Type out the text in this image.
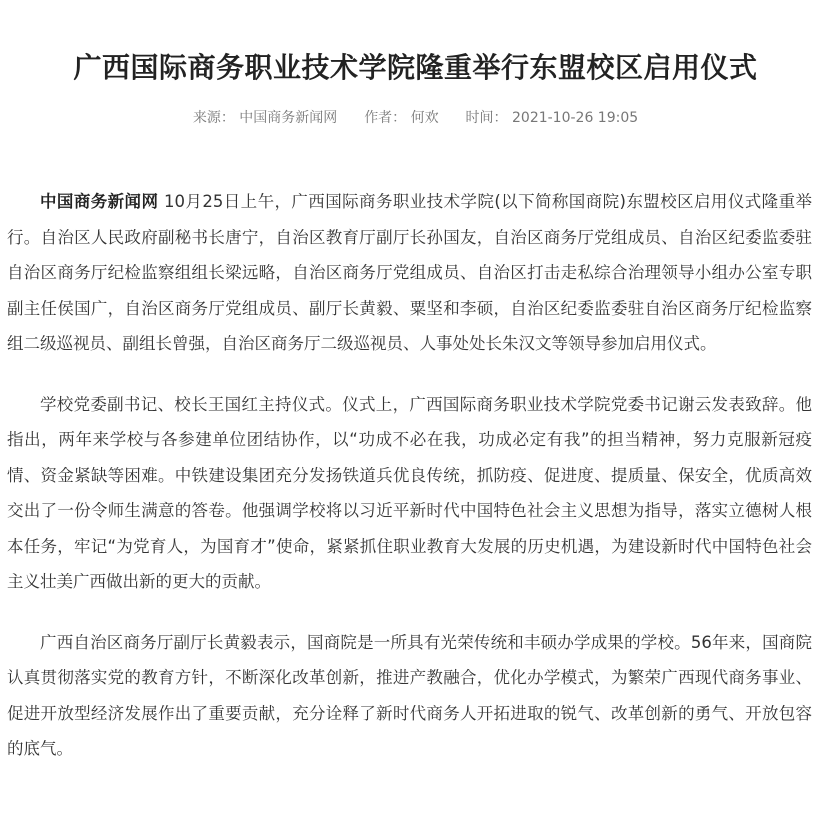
广西国际商务职业技术学院隆重举行东盟校区启用仪式
来源： 中国商务新闻网 作者： 何欢 时间： 2021-10-26 19:05

中国商务新闻网 10月25日上午，广西国际商务职业技术学院(以下简称国商院)东盟校区启用仪式隆重举行。自治区人民政府副秘书长唐宁，自治区教育厅副厅长孙国友，自治区商务厅党组成员、自治区纪委监委驻自治区商务厅纪检监察组组长梁远略，自治区商务厅党组成员、自治区打击走私综合治理领导小组办公室专职副主任侯国广，自治区商务厅党组成员、副厅长黄毅、粟坚和李硕，自治区纪委监委驻自治区商务厅纪检监察组二级巡视员、副组长曾强，自治区商务厅二级巡视员、人事处处长朱汉文等领导参加启用仪式。

学校党委副书记、校长王国红主持仪式。仪式上，广西国际商务职业技术学院党委书记谢云发表致辞。他指出，两年来学校与各参建单位团结协作，以“功成不必在我，功成必定有我”的担当精神，努力克服新冠疫情、资金紧缺等困难。中铁建设集团充分发扬铁道兵优良传统，抓防疫、促进度、提质量、保安全，优质高效交出了一份令师生满意的答卷。他强调学校将以习近平新时代中国特色社会主义思想为指导，落实立德树人根本任务，牢记“为党育人，为国育才”使命，紧紧抓住职业教育大发展的历史机遇，为建设新时代中国特色社会主义壮美广西做出新的更大的贡献。

广西自治区商务厅副厅长黄毅表示，国商院是一所具有光荣传统和丰硕办学成果的学校。56年来，国商院认真贯彻落实党的教育方针，不断深化改革创新，推进产教融合，优化办学模式，为繁荣广西现代商务事业、促进开放型经济发展作出了重要贡献，充分诠释了新时代商务人开拓进取的锐气、改革创新的勇气、开放包容的底气。
